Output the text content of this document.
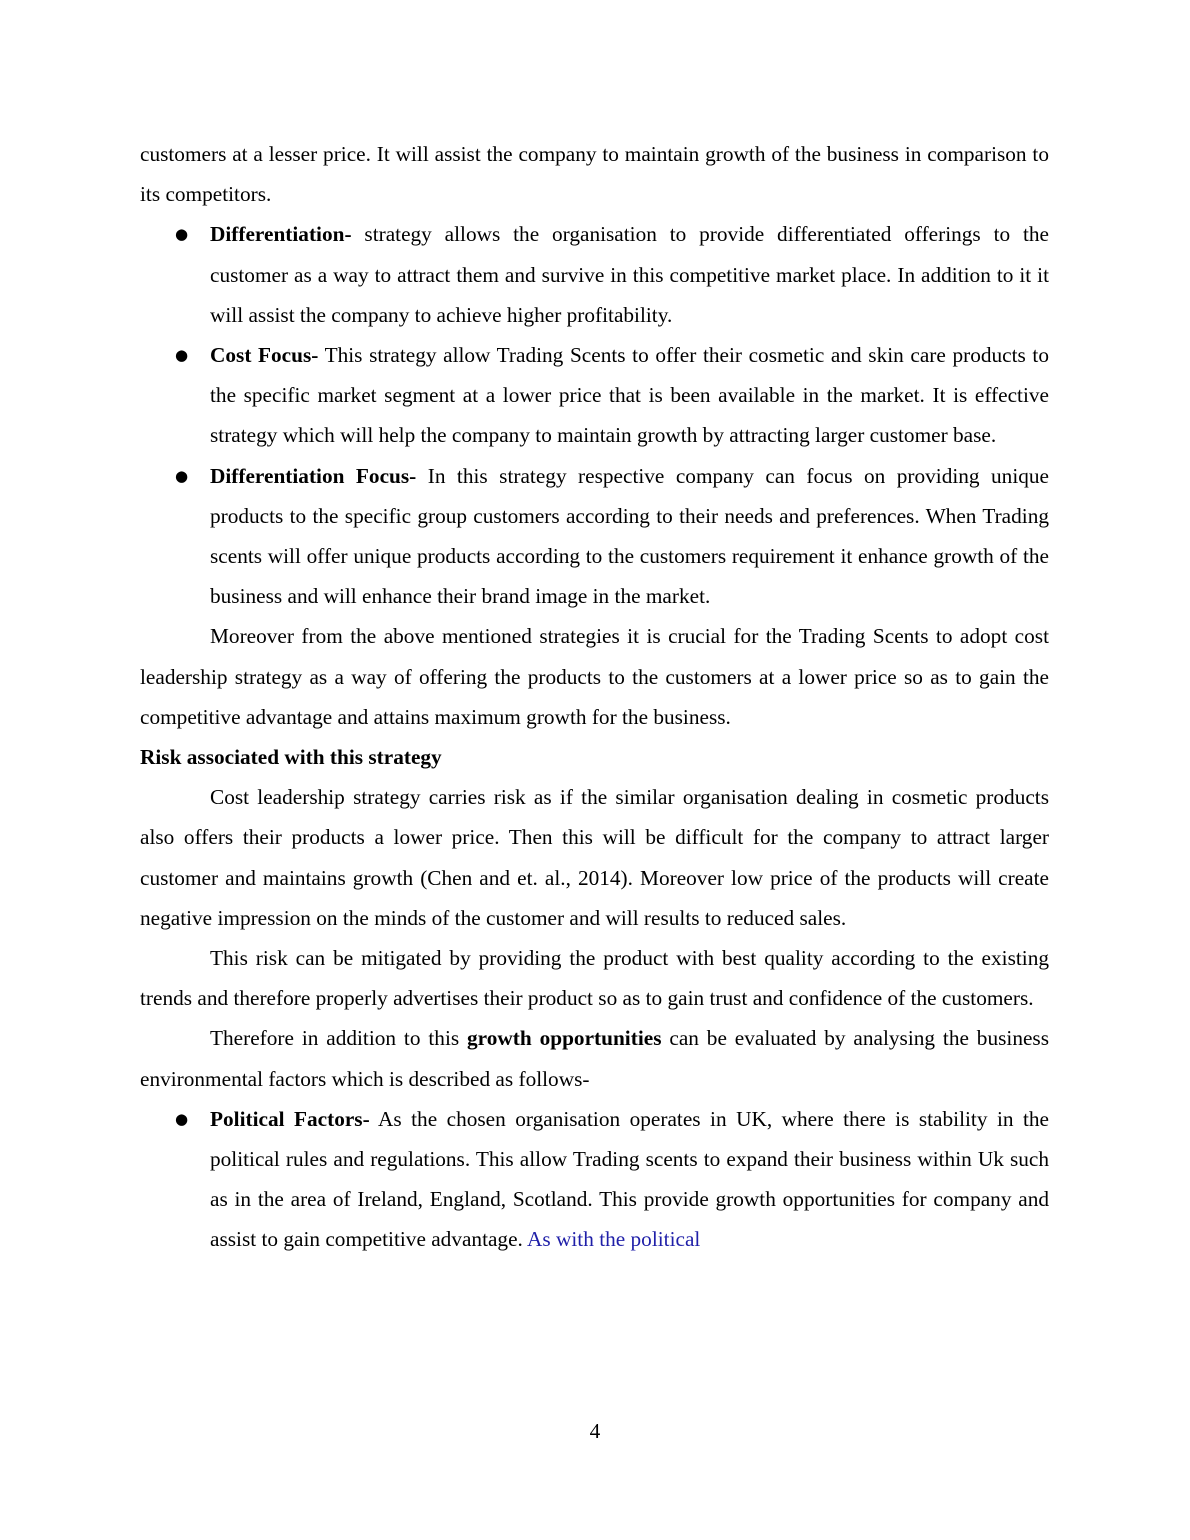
customers at a lesser price. It will assist the company to maintain growth of the business in comparison to its competitors.

●	Differentiation- strategy allows the organisation to provide differentiated offerings to the customer as a way to attract them and survive in this competitive market place. In addition to it it will assist the company to achieve higher profitability.
●	Cost Focus- This strategy allow Trading Scents to offer their cosmetic and skin care products to the specific market segment at a lower price that is been available in the market. It is effective strategy which will help the company to maintain growth by attracting larger customer base.
●	Differentiation Focus- In this strategy respective company can focus on providing unique products to the specific group customers according to their needs and preferences. When Trading scents will offer unique products according to the customers requirement it enhance growth of the business and will enhance their brand image in the market.

Moreover from the above mentioned strategies it is crucial for the Trading Scents to adopt cost leadership strategy as a way of offering the products to the customers at a lower price so as to gain the competitive advantage and attains maximum growth for the business.

Risk associated with this strategy

Cost leadership strategy carries risk as if the similar organisation dealing in cosmetic products also offers their products a lower price. Then this will be difficult for the company to attract larger customer and maintains growth (Chen and et. al., 2014). Moreover low price of the products will create negative impression on the minds of the customer and will results to reduced sales.

This risk can be mitigated by providing the product with best quality according to the existing trends and therefore properly advertises their product so as to gain trust and confidence of the customers.

Therefore in addition to this growth opportunities can be evaluated by analysing the business environmental factors which is described as follows-

●	Political Factors- As the chosen organisation operates in UK, where there is stability in the political rules and regulations. This allow Trading scents to expand their business within Uk such as in the area of Ireland, England, Scotland. This provide growth opportunities for company and assist to gain competitive advantage. As with the political
4
